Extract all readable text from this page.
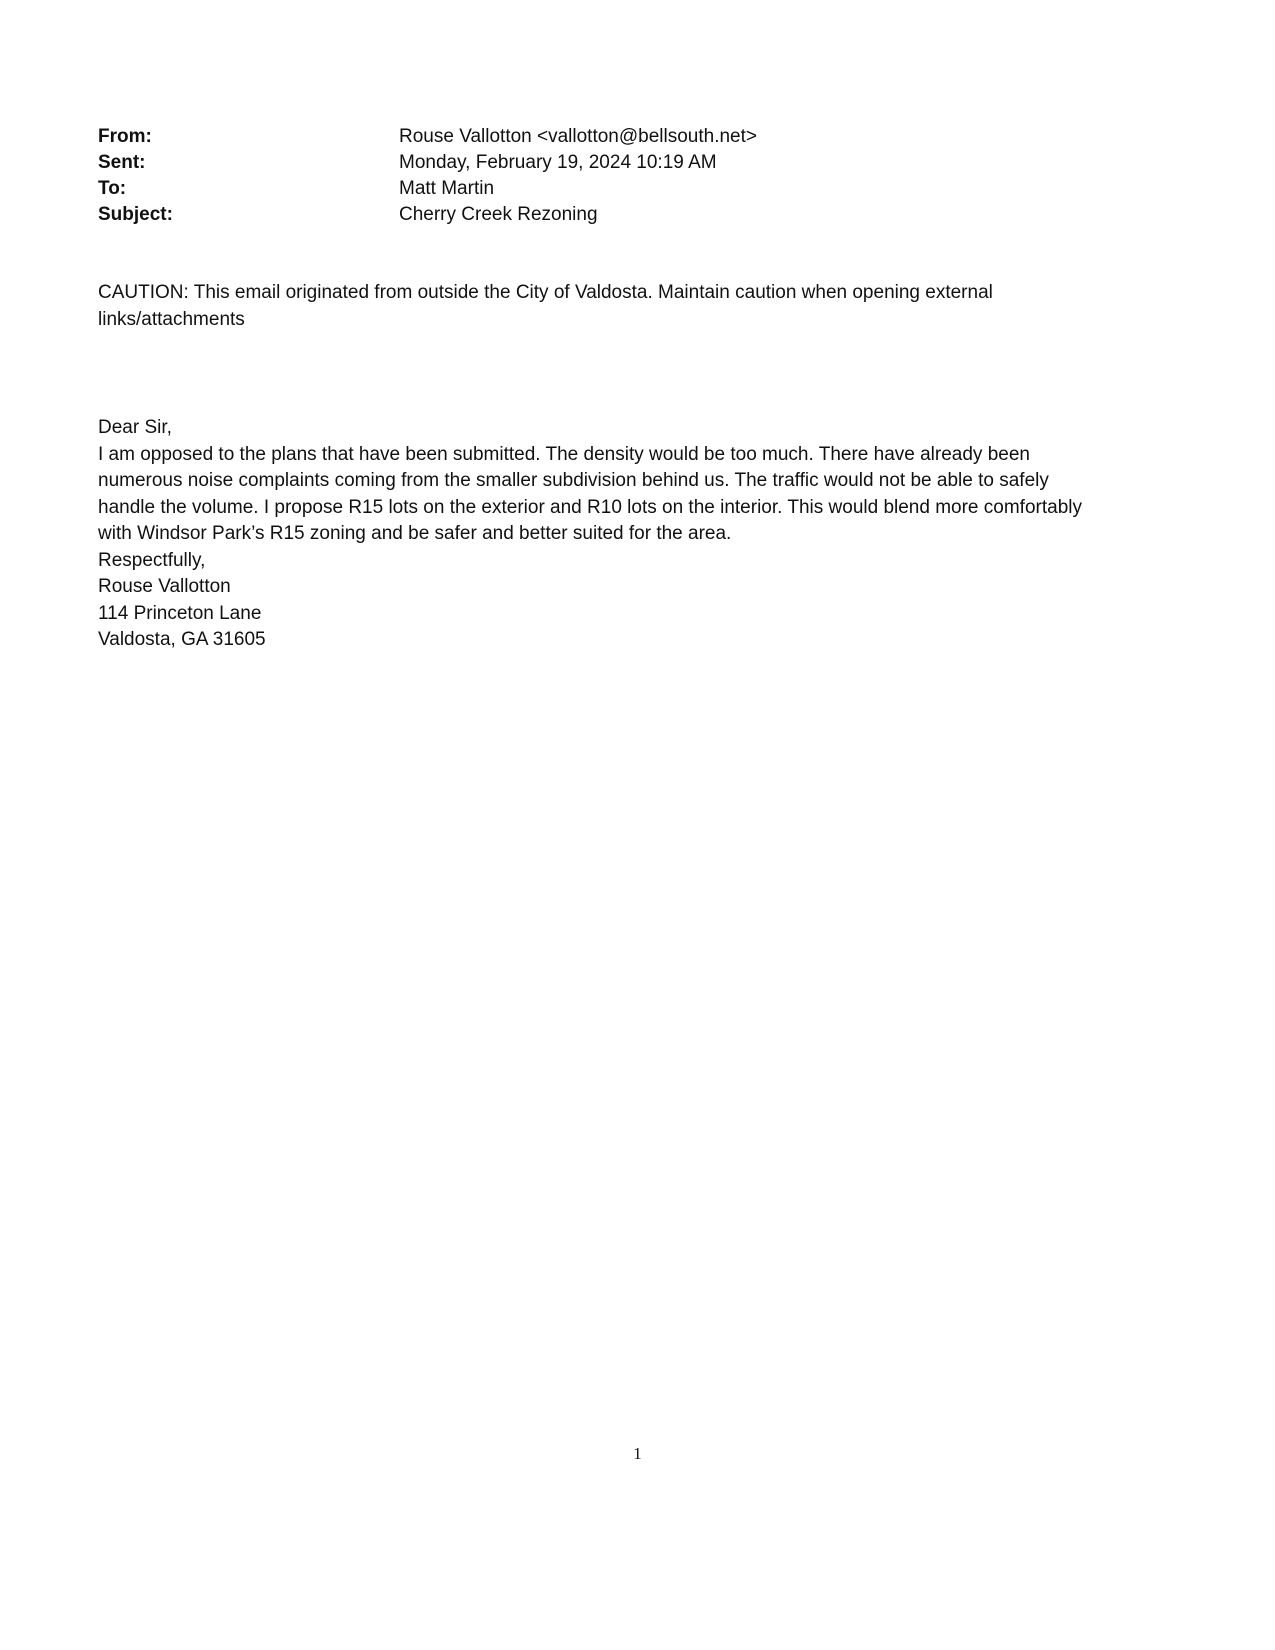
From:	Rouse Vallotton <vallotton@bellsouth.net>
Sent:	Monday, February 19, 2024 10:19 AM
To:	Matt Martin
Subject:	Cherry Creek Rezoning

CAUTION: This email originated from outside the City of Valdosta. Maintain caution when opening external

links/attachments

Dear Sir,

I am opposed to the plans that have been submitted. The density would be too much. There have already been

numerous noise complaints coming from the smaller subdivision behind us. The traffic would not be able to safely

handle the volume. I propose R15 lots on the exterior and R10 lots on the interior. This would blend more comfortably

with Windsor Park’s R15 zoning and be safer and better suited for the area.

Respectfully,

Rouse Vallotton

114 Princeton Lane

Valdosta, GA 31605

1
